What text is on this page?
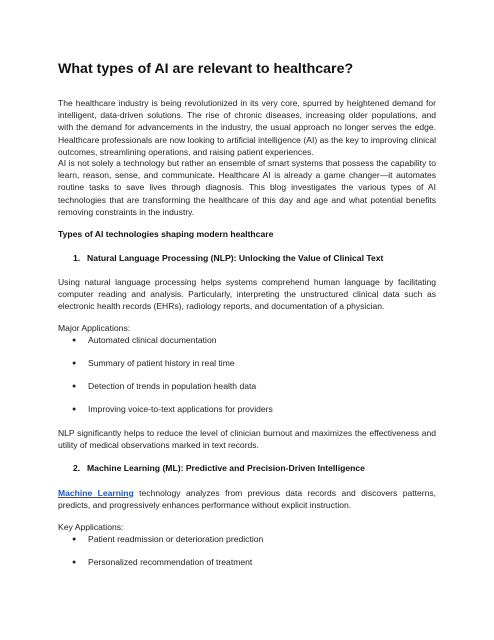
What types of AI are relevant to healthcare?

The healthcare industry is being revolutionized in its very core, spurred by heightened demand for intelligent, data-driven solutions. The rise of chronic diseases, increasing older populations, and with the demand for advancements in the industry, the usual approach no longer serves the edge. Healthcare professionals are now looking to artificial intelligence (AI) as the key to improving clinical outcomes, streamlining operations, and raising patient experiences.

AI is not solely a technology but rather an ensemble of smart systems that possess the capability to learn, reason, sense, and communicate. Healthcare AI is already a game changer—it automates routine tasks to save lives through diagnosis. This blog investigates the various types of AI technologies that are transforming the healthcare of this day and age and what potential benefits removing constraints in the industry.

Types of AI technologies shaping modern healthcare

1. Natural Language Processing (NLP): Unlocking the Value of Clinical Text

Using natural language processing helps systems comprehend human language by facilitating computer reading and analysis. Particularly, interpreting the unstructured clinical data such as electronic health records (EHRs), radiology reports, and documentation of a physician.

Major Applications:

● Automated clinical documentation

● Summary of patient history in real time

● Detection of trends in population health data

● Improving voice-to-text applications for providers

NLP significantly helps to reduce the level of clinician burnout and maximizes the effectiveness and utility of medical observations marked in text records.

2. Machine Learning (ML): Predictive and Precision-Driven Intelligence

Machine Learning technology analyzes from previous data records and discovers patterns, predicts, and progressively enhances performance without explicit instruction.

Key Applications:

● Patient readmission or deterioration prediction

● Personalized recommendation of treatment
